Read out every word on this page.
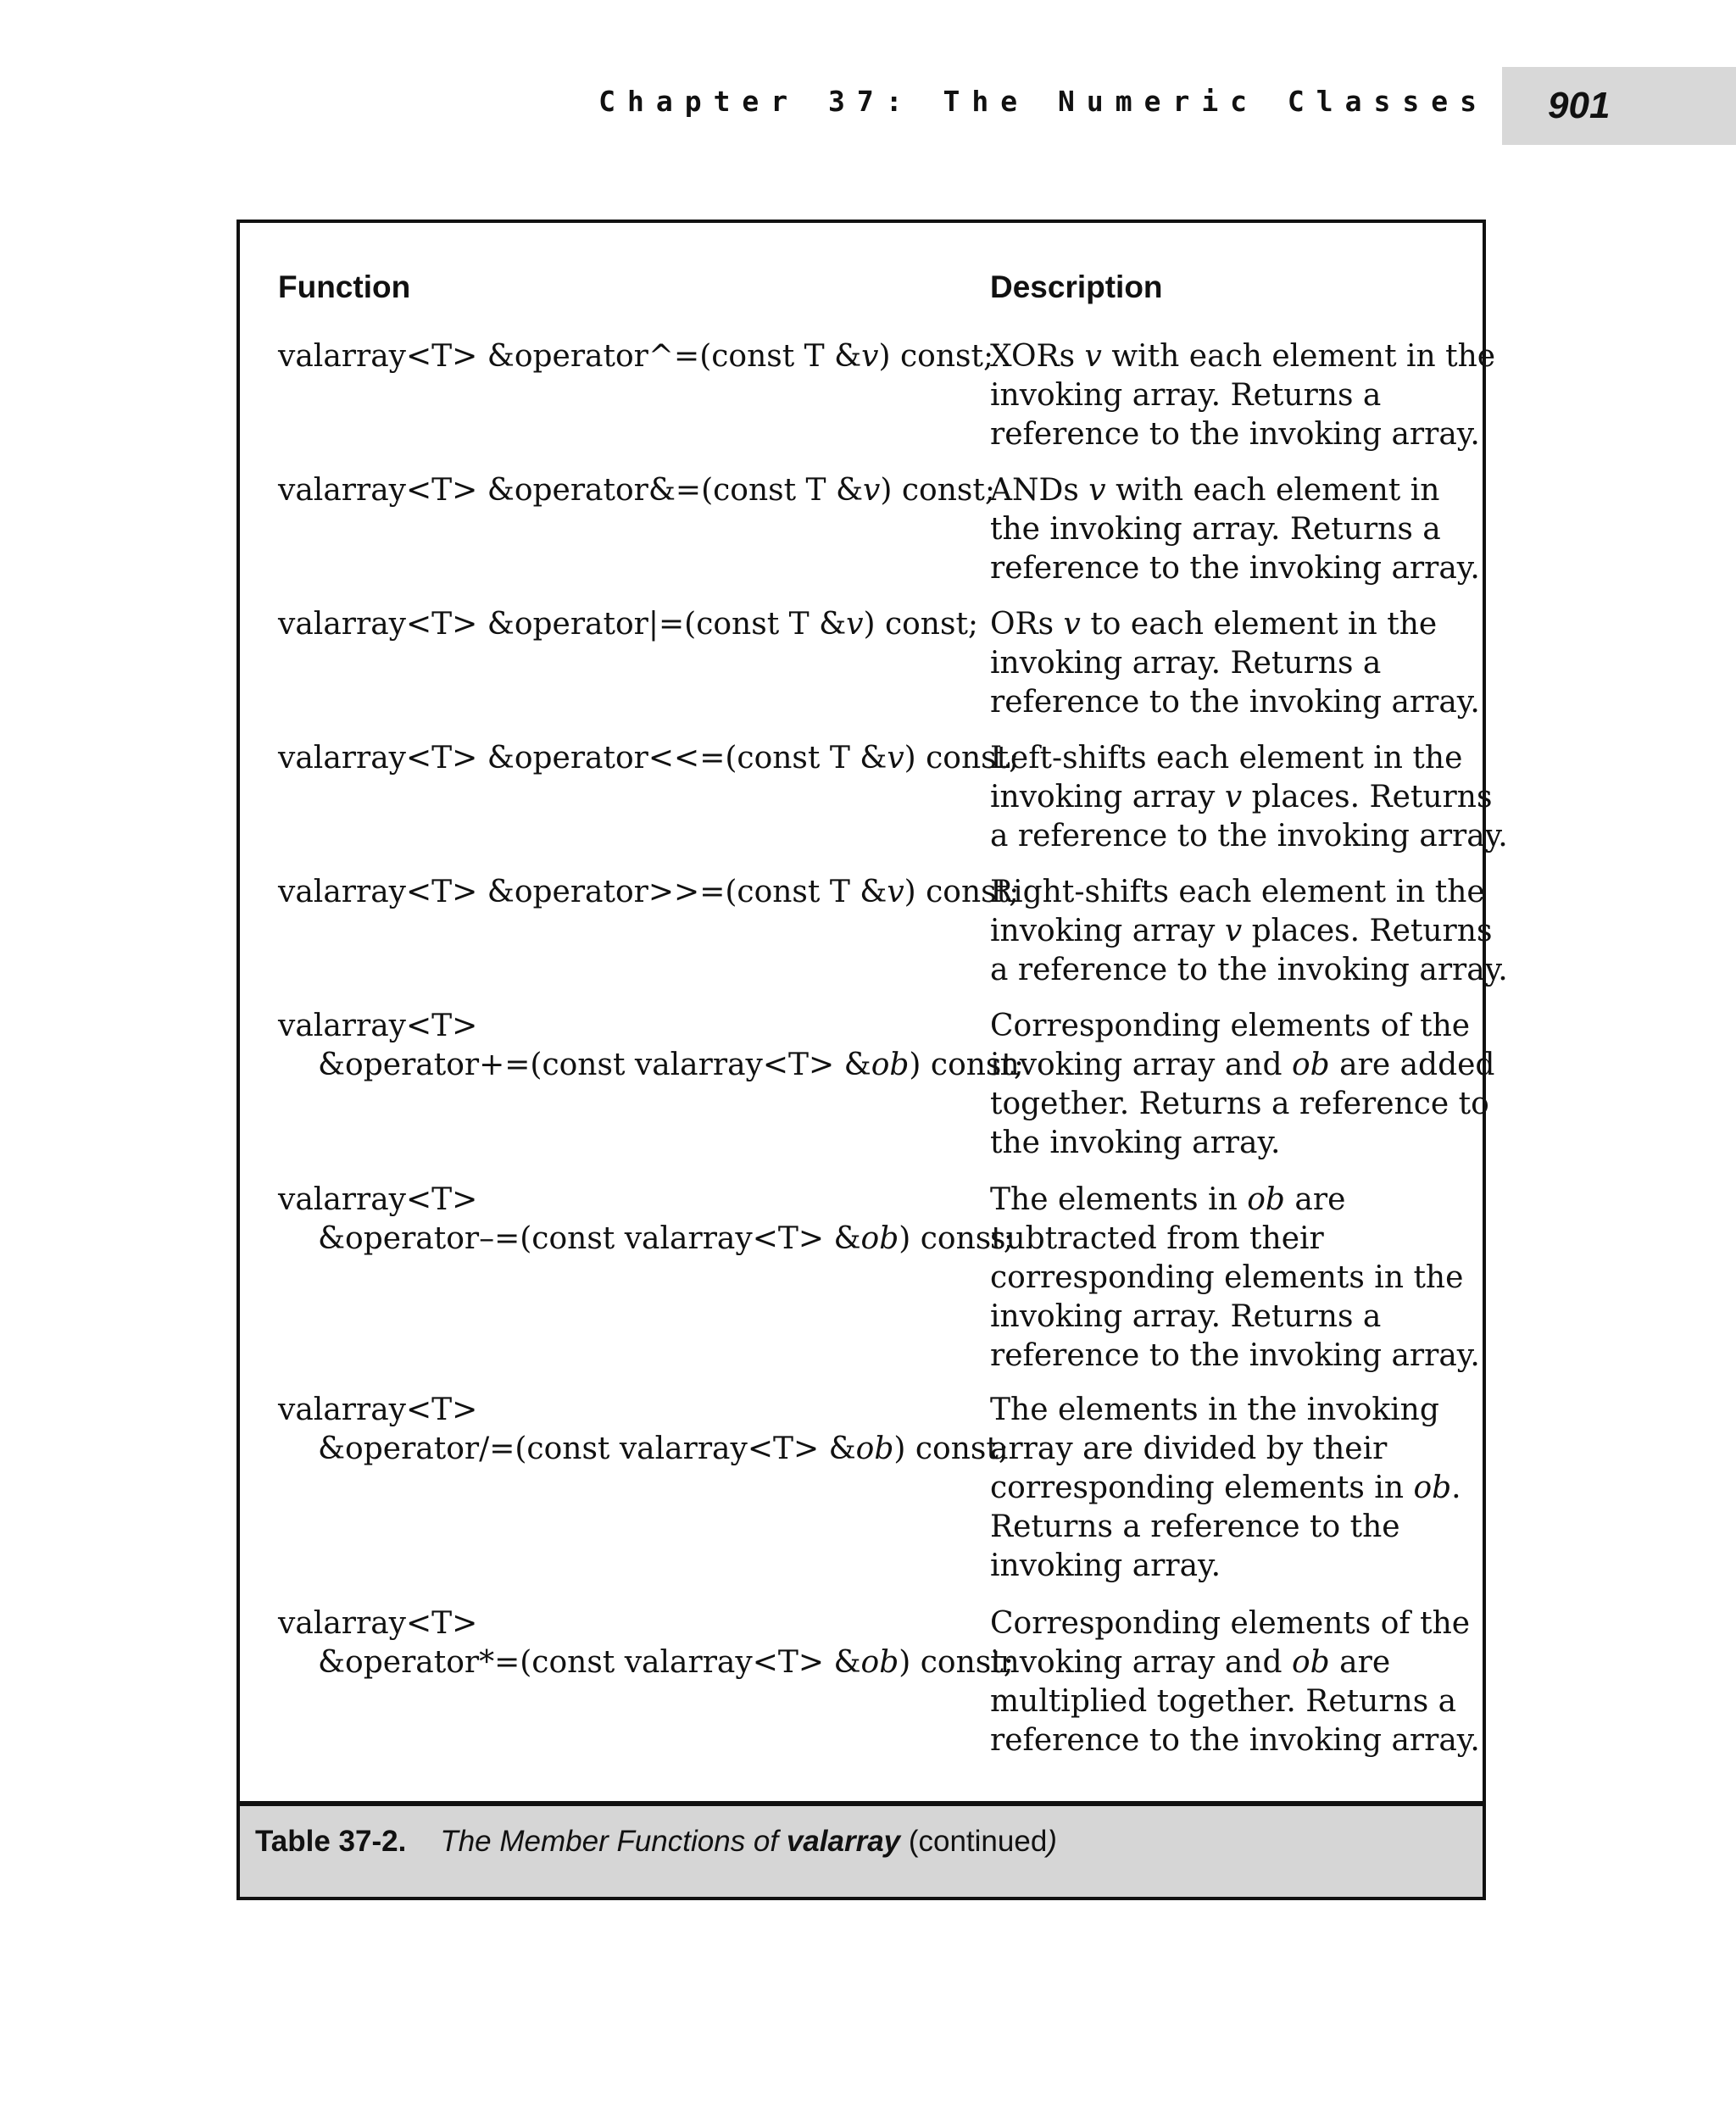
Chapter 37: The Numeric Classes 901
Function	Description
valarray<T> &operator^=(const T &v) const;
XORs v with each element in the
invoking array. Returns a
reference to the invoking array.
valarray<T> &operator&=(const T &v) const;
ANDs v with each element in
the invoking array. Returns a
reference to the invoking array.
valarray<T> &operator|=(const T &v) const; ORs v to each element in the
invoking array. Returns a
reference to the invoking array.
valarray<T> &operator<<=(const T &v) const;
Left-shifts each element in the
invoking array v places. Returns
a reference to the invoking array.
valarray<T> &operator>>=(const T &v) const;
Right-shifts each element in the
invoking array v places. Returns
a reference to the invoking array.
valarray<T>
&operator+=(const valarray<T> &ob) const;
Corresponding elements of the
invoking array and ob are added
together. Returns a reference to
the invoking array.
valarray<T>
&operator–=(const valarray<T> &ob) const;
The elements in ob are
subtracted from their
corresponding elements in the
invoking array. Returns a
reference to the invoking array.
valarray<T>
&operator/=(const valarray<T> &ob) const;
The elements in the invoking
array are divided by their
corresponding elements in ob.
Returns a reference to the
invoking array.
valarray<T>
&operator*=(const valarray<T> &ob) const;
Corresponding elements of the
invoking array and ob are
multiplied together. Returns a
reference to the invoking array.
Table 37-2. The Member Functions of valarray (continued)
